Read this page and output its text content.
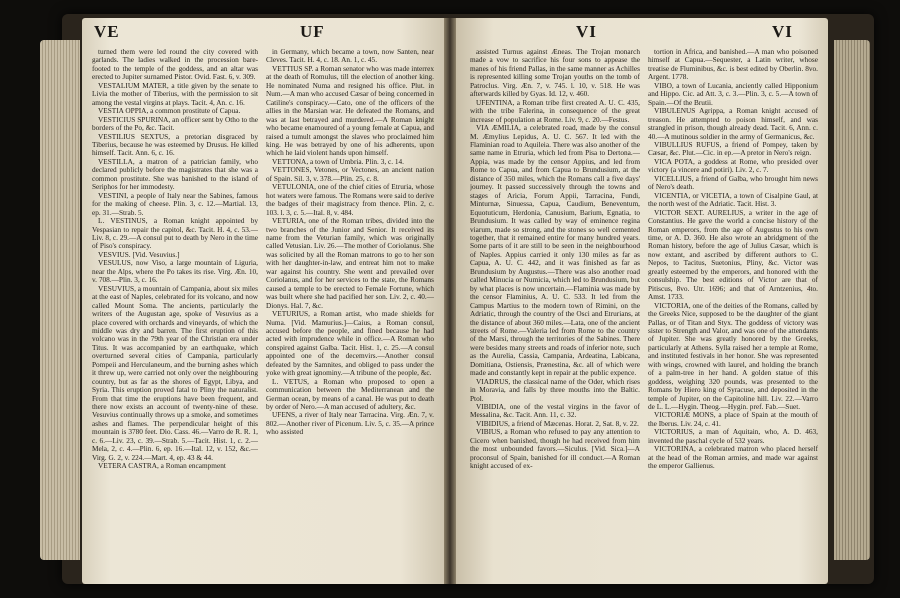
VE	UF

turned them were led round the city covered with garlands. The ladies walked in the procession bare-footed to the temple of the goddess, and an altar was erected to Jupiter surnamed Pistor. Ovid. Fast. 6, v. 309.

VESTALIUM MATER, a title given by the senate to Livia the mother of Tiberius, with the permission to sit among the vestal virgins at plays. Tacit. 4, An. c. 16.

VESTIA OPPIA, a common prostitute of Capua.

VESTICIUS SPURINA, an officer sent by Otho to the borders of the Po, &c. Tacit.

VESTILIUS SEXTUS, a pretorian disgraced by Tiberius, because he was esteemed by Drusus. He killed himself. Tacit. Ann. 6, c. 16.

VESTILLA, a matron of a patrician family, who declared publicly before the magistrates that she was a common prostitute. She was banished to the island of Seriphos for her immodesty.

VESTINI, a people of Italy near the Sabines, famous for the making of cheese. Plin. 3, c. 12.—Martial. 13, ep. 31.—Strab. 5.

L. VESTINUS, a Roman knight appointed by Vespasian to repair the capitol, &c. Tacit. H. 4, c. 53.—Liv. 8, c. 29.—A consul put to death by Nero in the time of Piso's conspiracy.

VESVIUS. [Vid. Vesuvius.]

VESULUS, now Viso, a large mountain of Liguria, near the Alps, where the Po takes its rise. Virg. Æn. 10, v. 708.—Plin. 3, c. 16.

VESUVIUS, a mountain of Campania, about six miles at the east of Naples, celebrated for its volcano, and now called Mount Soma. The ancients, particularly the writers of the Augustan age, spoke of Vesuvius as a place covered with orchards and vineyards, of which the middle was dry and barren. The first eruption of this volcano was in the 79th year of the Christian era under Titus. It was accompanied by an earthquake, which overturned several cities of Campania, particularly Pompeii and Herculaneum, and the burning ashes which it threw up, were carried not only over the neighbouring country, but as far as the shores of Egypt, Libya, and Syria. This eruption proved fatal to Pliny the naturalist. From that time the eruptions have been frequent, and there now exists an account of twenty-nine of these. Vesuvius continually throws up a smoke, and sometimes ashes and flames. The perpendicular height of this mountain is 3780 feet. Dio. Cass. 46.—Varro de R. R. 1, c. 6.—Liv. 23, c. 39.—Strab. 5.—Tacit. Hist. 1, c. 2.—Mela, 2, c. 4.—Plin. 6, ep. 16.—Ital. 12, v. 152, &c.—Virg. G. 2, v. 224.—Mart. 4, ep. 43 & 44.

VETERA CASTRA, a Roman encampment

in Germany, which became a town, now Santen, near Cleves. Tacit. H. 4, c. 18. An. 1, c. 45.

VETTIUS SP. a Roman senator who was made interrex at the death of Romulus, till the election of another king. He nominated Numa and resigned his office. Plut. in Num.—A man who accused Cæsar of being concerned in Catiline's conspiracy.—Cato, one of the officers of the allies in the Marsian war. He defeated the Romans, and was at last betrayed and murdered.—A Roman knight who became enamoured of a young female at Capua, and raised a tumult amongst the slaves who proclaimed him king. He was betrayed by one of his adherents, upon which he laid violent hands upon himself.

VETTONA, a town of Umbria. Plin. 3, c. 14.

VETTONES, Vetones, or Vectones, an ancient nation of Spain. Sil. 3, v. 378.—Plin. 25, c. 8.

VETULONIA, one of the chief cities of Etruria, whose hot waters were famous. The Romans were said to derive the badges of their magistracy from thence. Plin. 2, c. 103. l. 3, c. 5.—Ital. 8, v. 484.

VETURIA, one of the Roman tribes, divided into the two branches of the Junior and Senior. It received its name from the Veturian family, which was originally called Vetusian. Liv. 26.—The mother of Coriolanus. She was solicited by all the Roman matrons to go to her son with her daughter-in-law, and entreat him not to make war against his country. She went and prevailed over Coriolanus, and for her services to the state, the Romans caused a temple to be erected to Female Fortune, which was built where she had pacified her son. Liv. 2, c. 40.—Dionys. Hal. 7, &c.

VETURIUS, a Roman artist, who made shields for Numa. [Vid. Mamurius.]—Caius, a Roman consul, accused before the people, and fined because he had acted with imprudence while in office.—A Roman who conspired against Galba. Tacit. Hist. 1, c. 25.—A consul appointed one of the decemvirs.—Another consul defeated by the Samnites, and obliged to pass under the yoke with great ignominy.—A tribune of the people, &c.

L. VETUS, a Roman who proposed to open a communication between the Mediterranean and the German ocean, by means of a canal. He was put to death by order of Nero.—A man accused of adultery, &c.

UFENS, a river of Italy near Tarracina. Virg. Æn. 7, v. 802.—Another river of Picenum. Liv. 5, c. 35.—A prince who assisted

VI	VI

assisted Turnus against Æneas. The Trojan monarch made a vow to sacrifice his four sons to appease the manes of his friend Pallas, in the same manner as Achilles is represented killing some Trojan youths on the tomb of Patroclus. Virg. Æn. 7, v. 745. l. 10, v. 518. He was afterwards killed by Gyas. Id. 12, v. 460.

UFENTINA, a Roman tribe first created A. U. C. 435, with the tribe Falerina, in consequence of the great increase of population at Rome. Liv. 9, c. 20.—Festus.

VIA ÆMILIA, a celebrated road, made by the consul M. Æmylius Lepidus, A. U. C. 567. It led with the Flaminian road to Aquileia. There was also another of the same name in Etruria, which led from Pisa to Dertona.—Appia, was made by the censor Appius, and led from Rome to Capua, and from Capua to Brundusium, at the distance of 350 miles, which the Romans call a five days' journey. It passed successively through the towns and stages of Aricia, Forum Appii, Tarracina, Fundi, Minturnæ, Sinuessa, Capua, Caudium, Beneventum, Equotuticum, Herdonia, Canusium, Barium, Egnatia, to Brundusium. It was called by way of eminence regina viarum, made so strong, and the stones so well cemented together, that it remained entire for many hundred years. Some parts of it are still to be seen in the neighbourhood of Naples. Appius carried it only 130 miles as far as Capua, A. U. C. 442, and it was finished as far as Brundusium by Augustus.—There was also another road called Minucia or Numicia, which led to Brundusium, but by what places is now uncertain.—Flaminia was made by the censor Flaminius, A. U. C. 533. It led from the Campus Martius to the modern town of Rimini, on the Adriatic, through the country of the Osci and Etrurians, at the distance of about 360 miles.—Lata, one of the ancient streets of Rome.—Valeria led from Rome to the country of the Marsi, through the territories of the Sabines. There were besides many streets and roads of inferior note, such as the Aurelia, Cassia, Campania, Ardeatina, Labicana, Domitiana, Ostiensis, Prænestina, &c. all of which were made and constantly kept in repair at the public expence.

VIADRUS, the classical name of the Oder, which rises in Moravia, and falls by three mouths into the Baltic. Ptol.

VIBIDIA, one of the vestal virgins in the favor of Messalina, &c. Tacit. Ann. 11, c. 32.

VIBIDIUS, a friend of Mæcenas. Horat. 2, Sat. 8, v. 22.

VIBIUS, a Roman who refused to pay any attention to Cicero when banished, though he had received from him the most unbounded favors.—Siculus. [Vid. Sica.]—A proconsul of Spain, banished for ill conduct.—A Roman knight accused of ex-

tortion in Africa, and banished.—A man who poisoned himself at Capua.—Sequester, a Latin writer, whose treatise de Fluminibus, &c. is best edited by Oberlin. 8vo. Argent. 1778.

VIBO, a town of Lucania, anciently called Hipponium and Hippo. Cic. ad Att. 3, c. 3.—Plin. 3, c. 5.—A town of Spain.—Of the Brutii.

VIBULENUS Agrippa, a Roman knight accused of treason. He attempted to poison himself, and was strangled in prison, though already dead. Tacit. 6, Ann. c. 40.—A mutinous soldier in the army of Germanicus, &c.

VIBULLIUS RUFUS, a friend of Pompey, taken by Cæsar, &c. Plut.—Cic. in ep.—A pretor in Nero's reign.

VICA POTA, a goddess at Rome, who presided over victory (a vincere and potiri). Liv. 2, c. 7.

VICELLIUS, a friend of Galba, who brought him news of Nero's death.

VICENTIA, or VICETIA, a town of Cisalpine Gaul, at the north west of the Adriatic. Tacit. Hist. 3.

VICTOR SEXT. AURELIUS, a writer in the age of Constantius. He gave the world a concise history of the Roman emperors, from the age of Augustus to his own time, or A. D. 360. He also wrote an abridgment of the Roman history, before the age of Julius Cæsar, which is now extant, and ascribed by different authors to C. Nepos, to Tacitus, Suetonius, Pliny, &c. Victor was greatly esteemed by the emperors, and honored with the consulship. The best editions of Victor are that of Pitiscus, 8vo. Utr. 1696; and that of Arntzenius, 4to. Amst. 1733.

VICTORIA, one of the deities of the Romans, called by the Greeks Nice, supposed to be the daughter of the giant Pallas, or of Titan and Styx. The goddess of victory was sister to Strength and Valor, and was one of the attendants of Jupiter. She was greatly honored by the Greeks, particularly at Athens. Sylla raised her a temple at Rome, and instituted festivals in her honor. She was represented with wings, crowned with laurel, and holding the branch of a palm-tree in her hand. A golden statue of this goddess, weighing 320 pounds, was presented to the Romans by Hiero king of Syracuse, and deposited in the temple of Jupiter, on the Capitoline hill. Liv. 22.—Varro de L. L.—Hygin. Theog.—Hygin. pref. Fab.—Suet.

VICTORIÆ MONS, a place of Spain at the mouth of the Iberus. Liv. 24, c. 41.

VICTORIUS, a man of Aquitain, who, A. D. 463, invented the paschal cycle of 532 years.

VICTORINA, a celebrated matron who placed herself at the head of the Roman armies, and made war against the emperor Gallienus.
